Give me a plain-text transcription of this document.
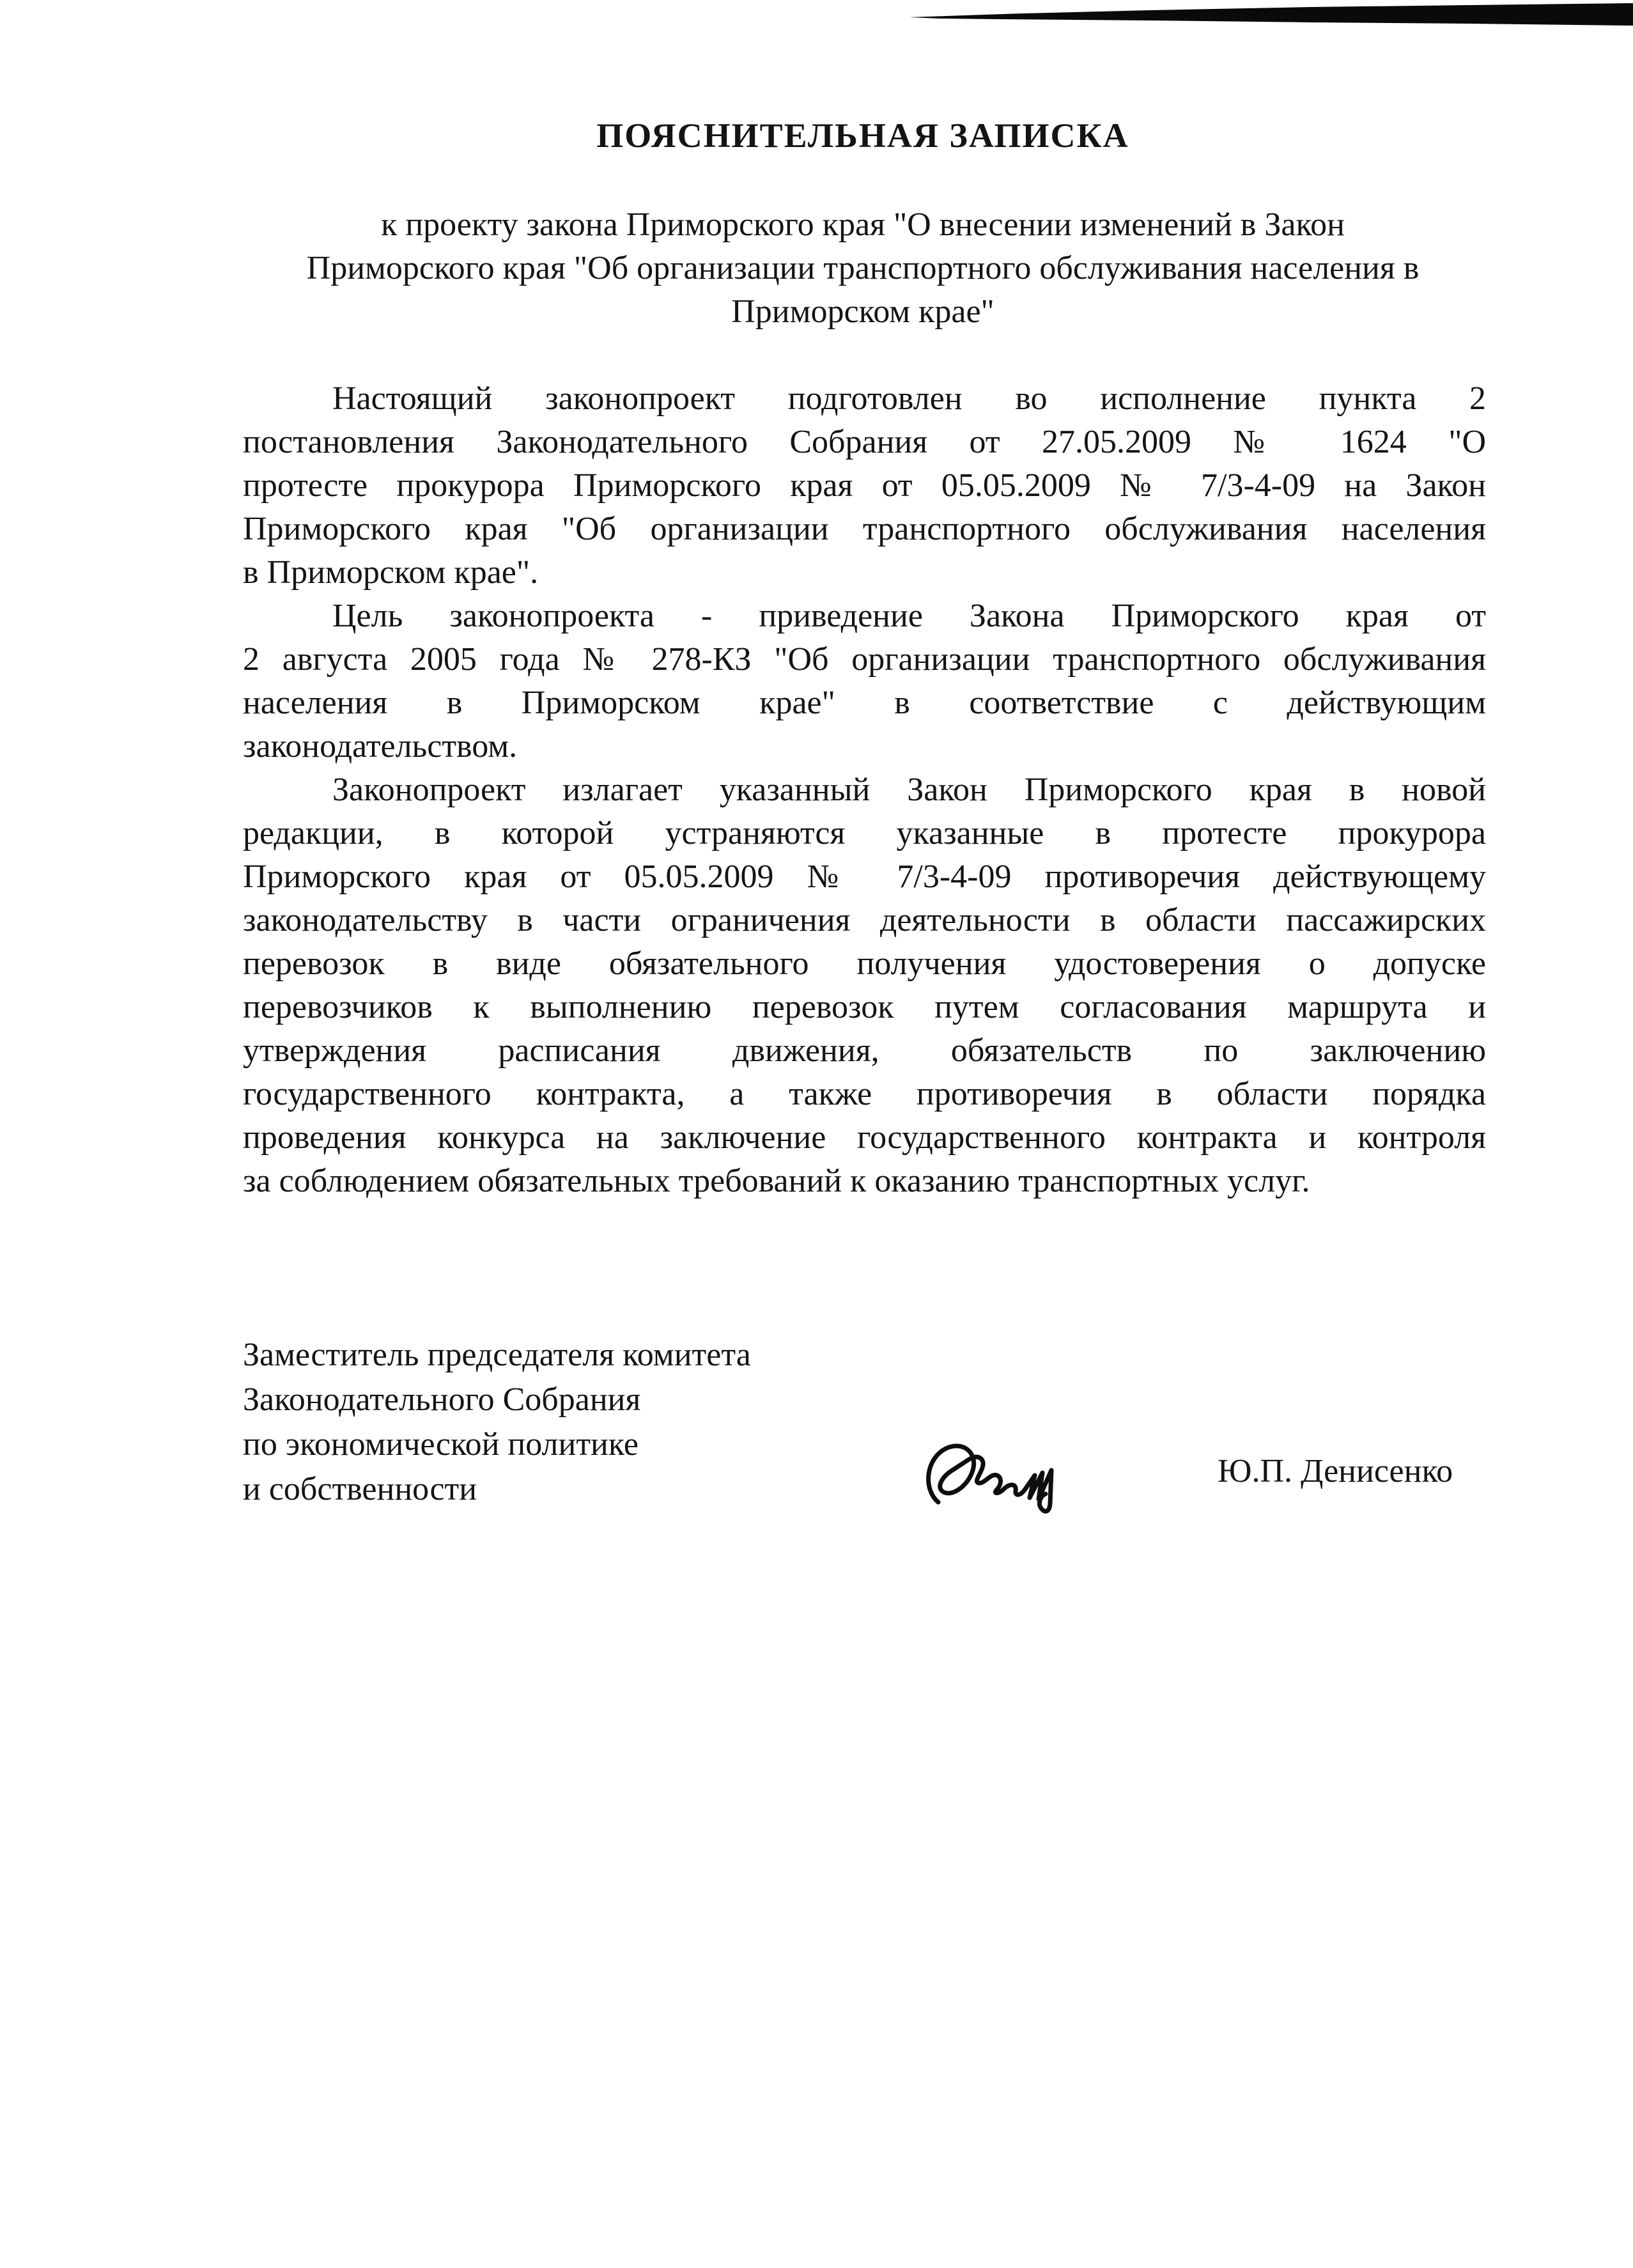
ПОЯСНИТЕЛЬНАЯ ЗАПИСКА
к проекту закона Приморского края "О внесении изменений в Закон
Приморского края "Об организации транспортного обслуживания населения в
Приморском крае"
Настоящий законопроект подготовлен во исполнение пункта 2
постановления Законодательного Собрания от 27.05.2009 № 1624 "О
протесте прокурора Приморского края от 05.05.2009 № 7/3-4-09 на Закон
Приморского края "Об организации транспортного обслуживания населения
в Приморском крае".
Цель законопроекта - приведение Закона Приморского края от
2 августа 2005 года № 278-КЗ "Об организации транспортного обслуживания
населения в Приморском крае" в соответствие с действующим
законодательством.
Законопроект излагает указанный Закон Приморского края в новой
редакции, в которой устраняются указанные в протесте прокурора
Приморского края от 05.05.2009 № 7/3-4-09 противоречия действующему
законодательству в части ограничения деятельности в области пассажирских
перевозок в виде обязательного получения удостоверения о допуске
перевозчиков к выполнению перевозок путем согласования маршрута и
утверждения расписания движения, обязательств по заключению
государственного контракта, а также противоречия в области порядка
проведения конкурса на заключение государственного контракта и контроля
за соблюдением обязательных требований к оказанию транспортных услуг.
Заместитель председателя комитета
Законодательного Собрания
по экономической политике
и собственности	Ю.П. Денисенко
